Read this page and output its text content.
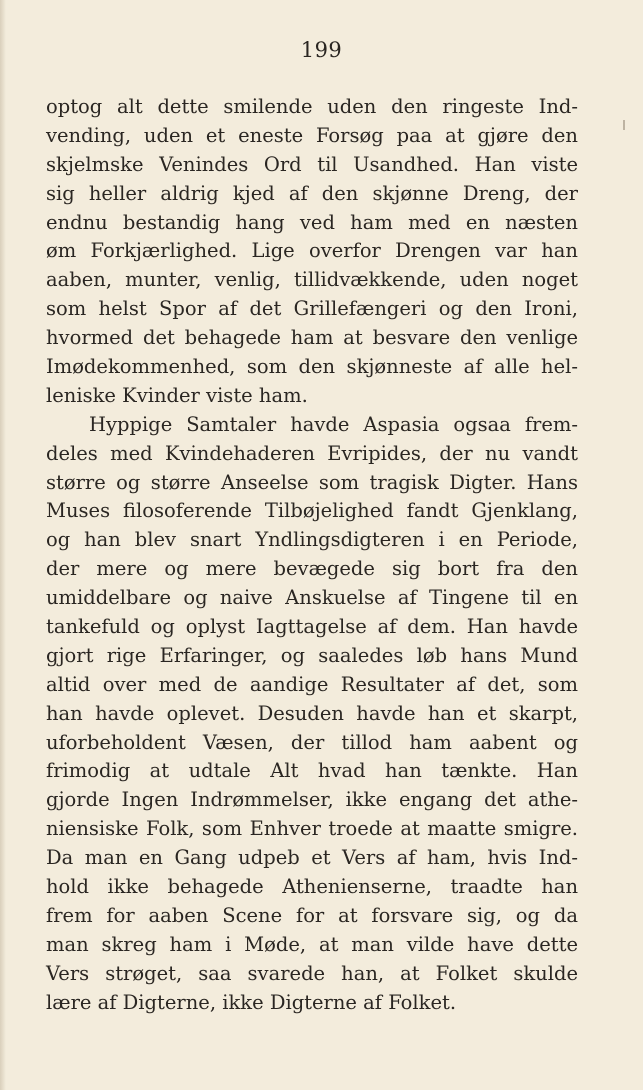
199
optog alt dette smilende uden den ringeste Ind-
vending, uden et eneste Forsøg paa at gjøre den
skjelmske Venindes Ord til Usandhed. Han viste
sig heller aldrig kjed af den skjønne Dreng, der
endnu bestandig hang ved ham med en næsten
øm Forkjærlighed. Lige overfor Drengen var han
aaben, munter, venlig, tillidvækkende, uden noget
som helst Spor af det Grillefængeri og den Ironi,
hvormed det behagede ham at besvare den venlige
Imødekommenhed, som den skjønneste af alle hel-
leniske Kvinder viste ham.
Hyppige Samtaler havde Aspasia ogsaa frem-
deles med Kvindehaderen Evripides, der nu vandt
større og større Anseelse som tragisk Digter. Hans
Muses filosoferende Tilbøjelighed fandt Gjenklang,
og han blev snart Yndlingsdigteren i en Periode,
der mere og mere bevægede sig bort fra den
umiddelbare og naive Anskuelse af Tingene til en
tankefuld og oplyst Iagttagelse af dem. Han havde
gjort rige Erfaringer, og saaledes løb hans Mund
altid over med de aandige Resultater af det, som
han havde oplevet. Desuden havde han et skarpt,
uforbeholdent Væsen, der tillod ham aabent og
frimodig at udtale Alt hvad han tænkte. Han
gjorde Ingen Indrømmelser, ikke engang det athe-
niensiske Folk, som Enhver troede at maatte smigre.
Da man en Gang udpeb et Vers af ham, hvis Ind-
hold ikke behagede Athenienserne, traadte han
frem for aaben Scene for at forsvare sig, og da
man skreg ham i Møde, at man vilde have dette
Vers strøget, saa svarede han, at Folket skulde
lære af Digterne, ikke Digterne af Folket.
